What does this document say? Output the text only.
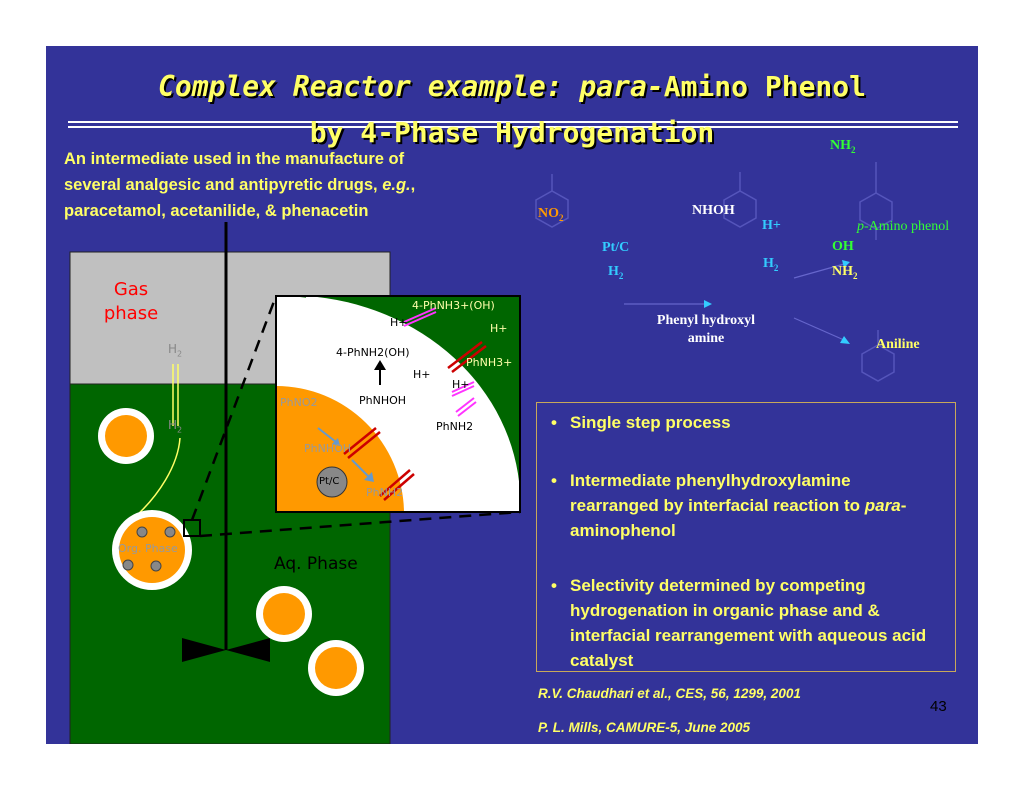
Complex Reactor example: para-Amino Phenol
by 4-Phase Hydrogenation
An intermediate used in the manufacture of
several analgesic and antipyretic drugs, e.g.,
paracetamol, acetanilide, & phenacetin	$NO_2$	NHOH
Pt/C
$H_2$
H+
$H_2$
Phenyl hydroxyl
amine
$NH_2$
p-Amino phenol
OH
$NH_2$
Aniline
Gas
phase
$H_2$
$H_2$
Org. Phase
Aq. Phase
4-PhNH3+(OH)
H+	H+
4-PhNH2(OH)
H+
PhNH3+
H+
PhNO2	PhNHOH
PhNH2
PhNHOH
Pt/C
PhNH2
• Single step process
• Intermediate phenylhydroxylamine rearranged by interfacial reaction to para-aminophenol
• Selectivity determined by competing hydrogenation in organic phase and & interfacial rearrangement with aqueous acid catalyst
R.V. Chaudhari et al., CES, 56, 1299, 2001
P. L. Mills, CAMURE-5, June 2005
43
